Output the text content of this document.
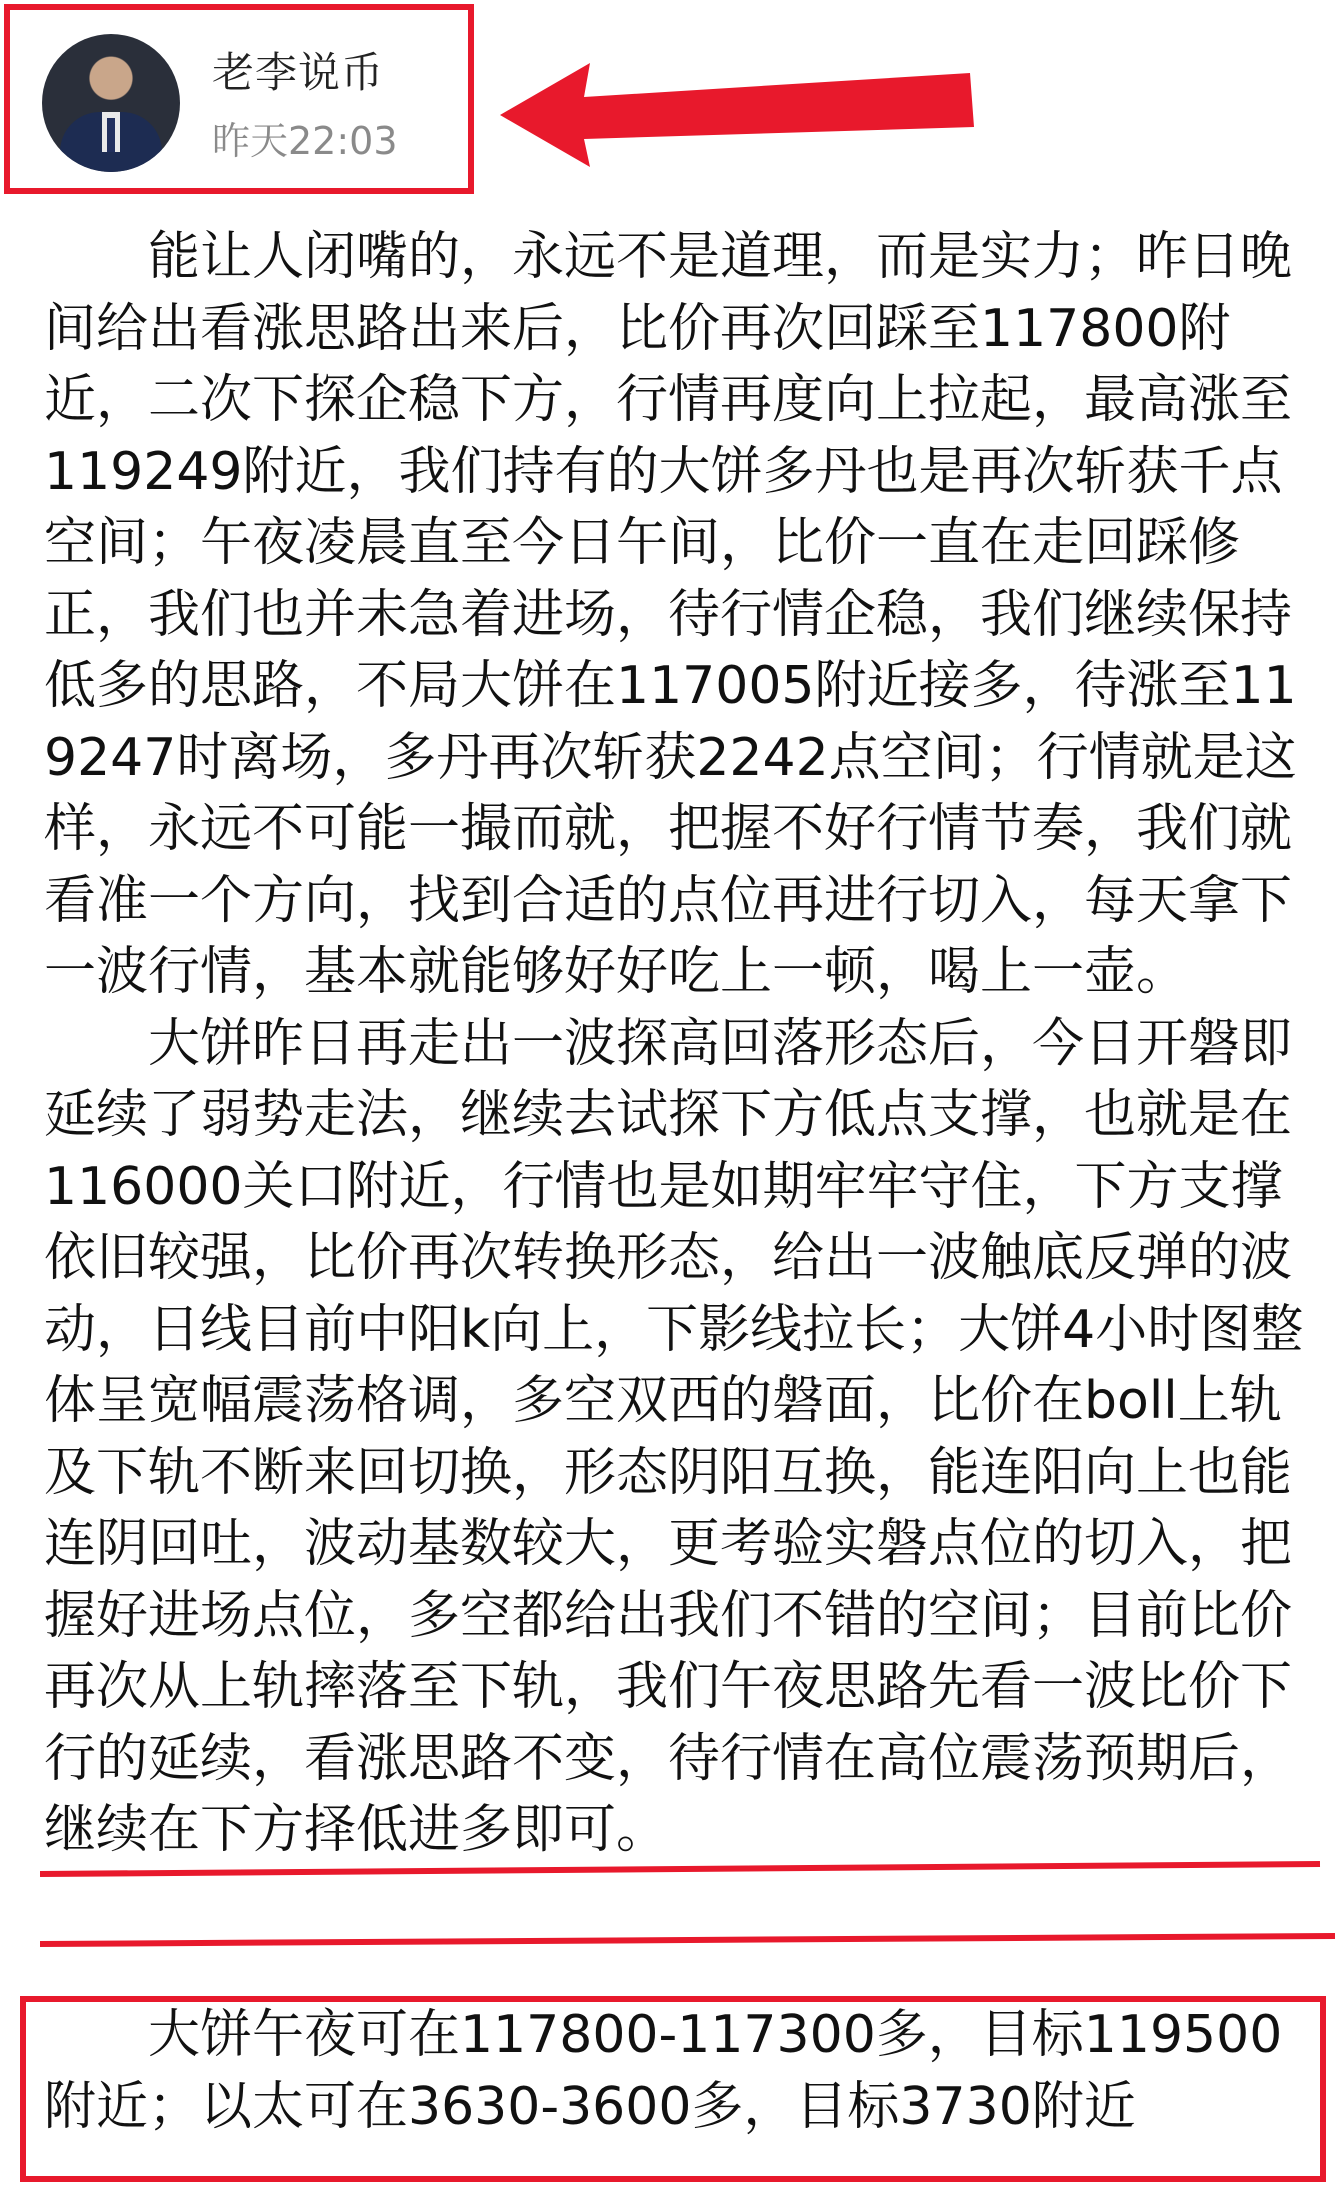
老李说币
昨天22:03

能让人闭嘴的，永远不是道理，而是实力；昨日晚间给出看涨思路出来后，比价再次回踩至117800附近，二次下探企稳下方，行情再度向上拉起，最高涨至119249附近，我们持有的大饼多丹也是再次斩获千点空间；午夜凌晨直至今日午间，比价一直在走回踩修正，我们也并未急着进场，待行情企稳，我们继续保持低多的思路，不局大饼在117005附近接多，待涨至119247时离场，多丹再次斩获2242点空间；行情就是这样，永远不可能一撮而就，把握不好行情节奏，我们就看准一个方向，找到合适的点位再进行切入，每天拿下一波行情，基本就能够好好吃上一顿，喝上一壶。

大饼昨日再走出一波探高回落形态后，今日开磐即延续了弱势走法，继续去试探下方低点支撑，也就是在116000关口附近，行情也是如期牢牢守住，下方支撑依旧较强，比价再次转换形态，给出一波触底反弹的波动，日线目前中阳k向上，下影线拉长；大饼4小时图整体呈宽幅震荡格调，多空双西的磐面，比价在boll上轨及下轨不断来回切换，形态阴阳互换，能连阳向上也能连阴回吐，波动基数较大，更考验实磐点位的切入，把握好进场点位，多空都给出我们不错的空间；目前比价再次从上轨摔落至下轨，我们午夜思路先看一波比价下行的延续，看涨思路不变，待行情在高位震荡预期后，继续在下方择低进多即可。

大饼午夜可在117800-117300多，目标119500附近；以太可在3630-3600多，目标3730附近
